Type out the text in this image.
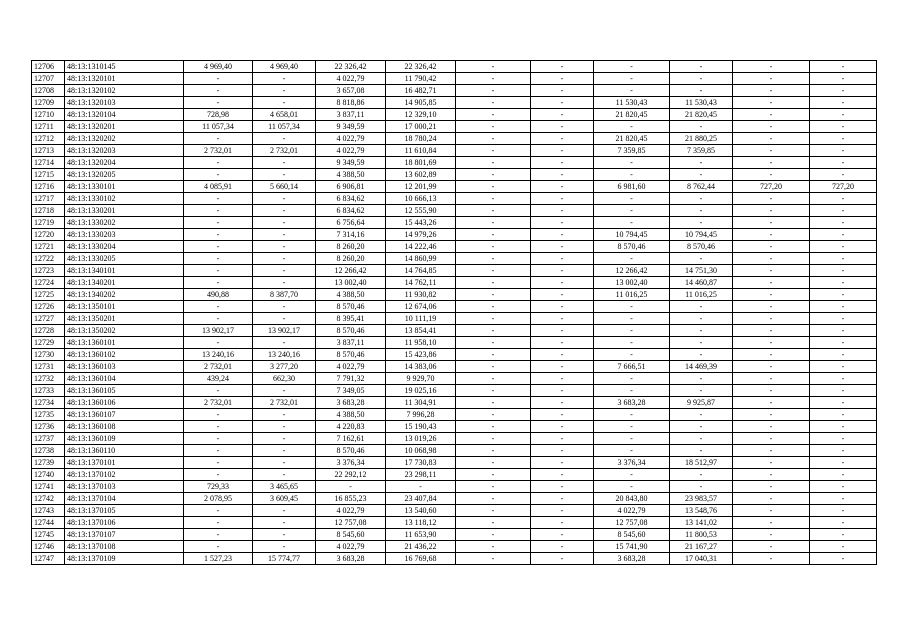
12706	48:13:1310145	4 969,40	4 969,40	22 326,42	22 326,42	-	-	-	-	-	-
12707	48:13:1320101	-	-	4 022,79	11 790,42	-	-	-	-	-	-
12708	48:13:1320102	-	-	3 657,08	16 482,71	-	-	-	-	-	-
12709	48:13:1320103	-	-	8 818,86	14 905,85	-	-	11 530,43	11 530,43	-	-
12710	48:13:1320104	728,98	4 658,01	3 837,11	12 329,10	-	-	21 820,45	21 820,45	-	-
12711	48:13:1320201	11 057,34	11 057,34	9 349,59	17 000,21	-	-	-	-	-	-
12712	48:13:1320202	-	-	4 022,79	18 780,24	-	-	21 820,45	21 880,25	-	-
12713	48:13:1320203	2 732,01	2 732,01	4 022,79	11 610,84	-	-	7 359,85	7 359,85	-	-
12714	48:13:1320204	-	-	9 349,59	18 801,69	-	-	-	-	-	-
12715	48:13:1320205	-	-	4 388,50	13 602,89	-	-	-	-	-	-
12716	48:13:1330101	4 085,91	5 660,14	6 906,81	12 201,99	-	-	6 981,60	8 762,44	727,20	727,20
12717	48:13:1330102	-	-	6 834,62	10 666,13	-	-	-	-	-	-
12718	48:13:1330201	-	-	6 834,62	12 555,90	-	-	-	-	-	-
12719	48:13:1330202	-	-	6 756,64	15 443,26	-	-	-	-	-	-
12720	48:13:1330203	-	-	7 314,16	14 979,26	-	-	10 794,45	10 794,45	-	-
12721	48:13:1330204	-	-	8 260,20	14 222,46	-	-	8 570,46	8 570,46	-	-
12722	48:13:1330205	-	-	8 260,20	14 860,99	-	-	-	-	-	-
12723	48:13:1340101	-	-	12 266,42	14 764,85	-	-	12 266,42	14 751,30	-	-
12724	48:13:1340201	-	-	13 002,40	14 762,11	-	-	13 002,40	14 460,87	-	-
12725	48:13:1340202	490,88	8 387,70	4 388,50	11 930,82	-	-	11 016,25	11 016,25	-	-
12726	48:13:1350101	-	-	8 570,46	12 674,06	-	-	-	-	-	-
12727	48:13:1350201	-	-	8 395,41	10 111,19	-	-	-	-	-	-
12728	48:13:1350202	13 902,17	13 902,17	8 570,46	13 854,41	-	-	-	-	-	-
12729	48:13:1360101	-	-	3 837,11	11 958,10	-	-	-	-	-	-
12730	48:13:1360102	13 240,16	13 240,16	8 570,46	15 423,86	-	-	-	-	-	-
12731	48:13:1360103	2 732,01	3 277,20	4 022,79	14 383,06	-	-	7 666,51	14 469,39	-	-
12732	48:13:1360104	439,24	662,30	7 791,32	9 929,70	-	-	-	-	-	-
12733	48:13:1360105	-	-	7 349,05	19 025,16	-	-	-	-	-	-
12734	48:13:1360106	2 732,01	2 732,01	3 683,28	11 304,91	-	-	3 683,28	9 925,87	-	-
12735	48:13:1360107	-	-	4 388,50	7 996,28	-	-	-	-	-	-
12736	48:13:1360108	-	-	4 220,83	15 190,43	-	-	-	-	-	-
12737	48:13:1360109	-	-	7 162,61	13 019,26	-	-	-	-	-	-
12738	48:13:1360110	-	-	8 570,46	10 068,98	-	-	-	-	-	-
12739	48:13:1370101	-	-	3 376,34	17 730,83	-	-	3 376,34	18 512,97	-	-
12740	48:13:1370102	-	-	22 292,12	23 298,11	-	-	-	-	-	-
12741	48:13:1370103	729,33	3 465,65	-	-	-	-	-	-	-	-
12742	48:13:1370104	2 078,95	3 609,45	16 855,23	23 407,84	-	-	20 843,80	23 983,57	-	-
12743	48:13:1370105	-	-	4 022,79	13 540,60	-	-	4 022,79	13 548,76	-	-
12744	48:13:1370106	-	-	12 757,08	13 118,12	-	-	12 757,08	13 141,02	-	-
12745	48:13:1370107	-	-	8 545,60	11 653,90	-	-	8 545,60	11 800,53	-	-
12746	48:13:1370108	-	-	4 022,79	21 436,22	-	-	15 741,90	21 167,27	-	-
12747	48:13:1370109	1 527,23	15 774,77	3 683,28	16 769,68	-	-	3 683,28	17 040,31	-	-
